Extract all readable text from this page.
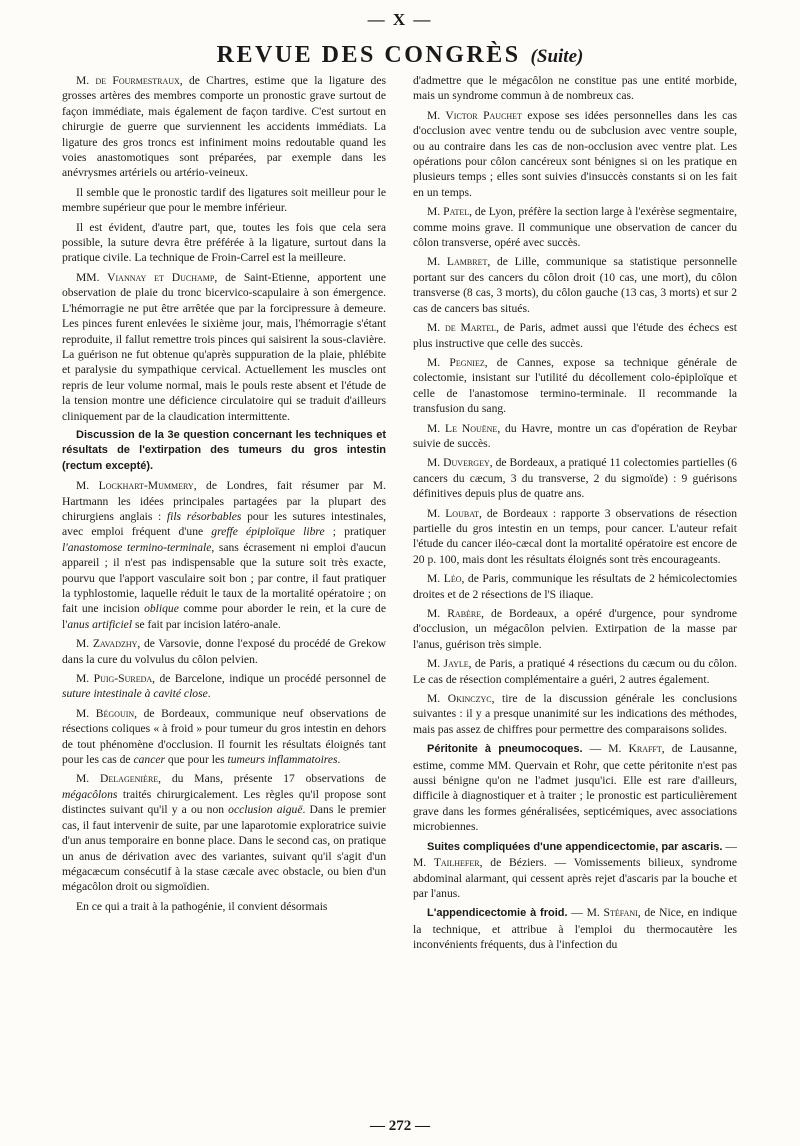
— X —
REVUE DES CONGRÈS (Suite)

M. de Fourmestraux, de Chartres, estime que la ligature des grosses artères des membres comporte un pronostic grave surtout de façon immédiate, mais également de façon tardive. C'est surtout en chirurgie de guerre que surviennent les accidents immédiats. La ligature des gros troncs est infiniment moins redoutable quand les voies anastomotiques sont préparées, par exemple dans les anévrysmes artériels ou artério-veineux.

Il semble que le pronostic tardif des ligatures soit meilleur pour le membre supérieur que pour le membre inférieur.

Il est évident, d'autre part, que, toutes les fois que cela sera possible, la suture devra être préférée à la ligature, surtout dans la pratique civile. La technique de Froin-Carrel est la meilleure.

MM. Viannay et Duchamp, de Saint-Etienne, apportent une observation de plaie du tronc bicervico-scapulaire à son émergence. L'hémorragie ne put être arrêtée que par la forcipressure à demeure. Les pinces furent enlevées le sixième jour, mais, l'hémorragie s'étant reproduite, il fallut remettre trois pinces qui saisirent la sous-clavière. La guérison ne fut obtenue qu'après suppuration de la plaie, phlébite et paralysie du sympathique cervical. Actuellement les muscles ont repris de leur volume normal, mais le pouls reste absent et l'étude de la tension montre une déficience circulatoire qui se traduit d'ailleurs cliniquement par de la claudication intermittente.

Discussion de la 3e question concernant les techniques et résultats de l'extirpation des tumeurs du gros intestin (rectum excepté).

M. Lockhart-Mummery, de Londres, fait résumer par M. Hartmann les idées principales partagées par la plupart des chirurgiens anglais : fils résorbables pour les sutures intestinales, avec emploi fréquent d'une greffe épiploïque libre ; pratiquer l'anastomose termino-terminale, sans écrasement ni emploi d'aucun appareil ; il n'est pas indispensable que la suture soit très exacte, pourvu que l'apport vasculaire soit bon ; par contre, il faut pratiquer la typhlostomie, laquelle réduit le taux de la mortalité opératoire ; on fait une incision oblique comme pour aborder le rein, et la cure de l'anus artificiel se fait par incision latéro-anale.

M. Zavadzhy, de Varsovie, donne l'exposé du procédé de Grekow dans la cure du volvulus du côlon pelvien.

M. Puig-Sureda, de Barcelone, indique un procédé personnel de suture intestinale à cavité close.

M. Bégouin, de Bordeaux, communique neuf observations de résections coliques « à froid » pour tumeur du gros intestin en dehors de tout phénomène d'occlusion. Il fournit les résultats éloignés tant pour les cas de cancer que pour les tumeurs inflammatoires.

M. Delagenière, du Mans, présente 17 observations de mégacôlons traités chirurgicalement. Les règles qu'il propose sont distinctes suivant qu'il y a ou non occlusion aiguë. Dans le premier cas, il faut intervenir de suite, par une laparotomie exploratrice suivie d'un anus temporaire en bonne place. Dans le second cas, on pratique un anus de dérivation avec des variantes, suivant qu'il s'agit d'un mégacæcum consécutif à la stase cæcale avec obstacle, ou bien d'un mégacôlon droit ou sigmoïdien.

En ce qui a trait à la pathogénie, il convient désormais

d'admettre que le mégacôlon ne constitue pas une entité morbide, mais un syndrome commun à de nombreux cas.

M. Victor Pauchet expose ses idées personnelles dans les cas d'occlusion avec ventre tendu ou de subclusion avec ventre souple, ou au contraire dans les cas de non-occlusion avec ventre plat. Les opérations pour côlon cancéreux sont bénignes si on les pratique en plusieurs temps ; elles sont suivies d'insuccès constants si on les fait en un temps.

M. Patel, de Lyon, préfère la section large à l'exérèse segmentaire, comme moins grave. Il communique une observation de cancer du côlon transverse, opéré avec succès.

M. Lambret, de Lille, communique sa statistique personnelle portant sur des cancers du côlon droit (10 cas, une mort), du côlon transverse (8 cas, 3 morts), du côlon gauche (13 cas, 3 morts) et sur 2 cas de cancers bas situés.

M. de Martel, de Paris, admet aussi que l'étude des échecs est plus instructive que celle des succès.

M. Pegniez, de Cannes, expose sa technique générale de colectomie, insistant sur l'utilité du décollement colo-épiploïque et celle de l'anastomose termino-terminale. Il recommande la transfusion du sang.

M. Le Nouëne, du Havre, montre un cas d'opération de Reybar suivie de succès.

M. Duvergey, de Bordeaux, a pratiqué 11 colectomies partielles (6 cancers du cæcum, 3 du transverse, 2 du sigmoïde) : 9 guérisons définitives depuis plus de quatre ans.

M. Loubat, de Bordeaux : rapporte 3 observations de résection partielle du gros intestin en un temps, pour cancer. L'auteur refait l'étude du cancer iléo-cæcal dont la mortalité opératoire est encore de 20 p. 100, mais dont les résultats éloignés sont très encourageants.

M. Léo, de Paris, communique les résultats de 2 hémicolectomies droites et de 2 résections de l'S iliaque.

M. Rabère, de Bordeaux, a opéré d'urgence, pour syndrome d'occlusion, un mégacôlon pelvien. Extirpation de la masse par l'anus, guérison très simple.

M. Jayle, de Paris, a pratiqué 4 résections du cæcum ou du côlon. Le cas de résection complémentaire a guéri, 2 autres également.

M. Okinczyc, tire de la discussion générale les conclusions suivantes : il y a presque unanimité sur les indications des méthodes, mais pas assez de chiffres pour permettre des comparaisons solides.

Péritonite à pneumocoques. — M. Krafft, de Lausanne, estime, comme MM. Quervain et Rohr, que cette péritonite n'est pas aussi bénigne qu'on ne l'admet jusqu'ici. Elle est rare d'ailleurs, difficile à diagnostiquer et à traiter ; le pronostic est particulièrement grave dans les formes généralisées, septicémiques, avec associations microbiennes.

Suites compliquées d'une appendicectomie, par ascaris. — M. Tailhefer, de Béziers. — Vomissements bilieux, syndrome abdominal alarmant, qui cessent après rejet d'ascaris par la bouche et par l'anus.

L'appendicectomie à froid. — M. Stéfani, de Nice, en indique la technique, et attribue à l'emploi du thermocautère les inconvénients fréquents, dus à l'infection du

— 272 —
